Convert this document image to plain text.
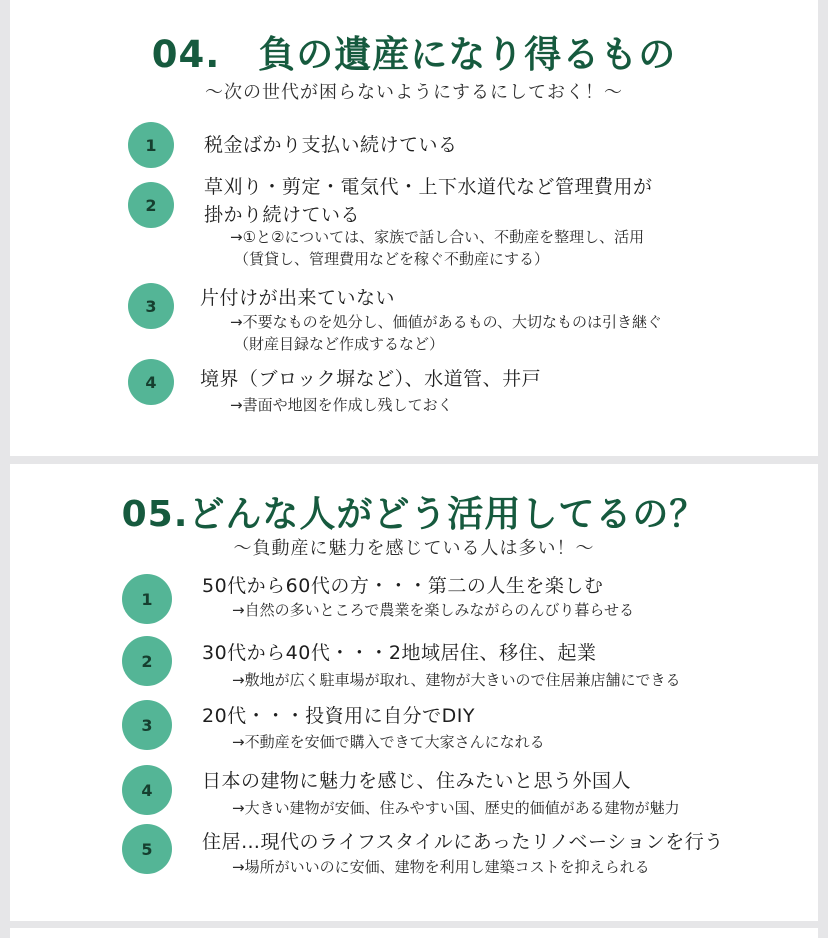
04.　負の遺産になり得るもの
～次の世代が困らないようにするにしておく！～
1	税金ばかり支払い続けている
2
草刈り・剪定・電気代・上下水道代など管理費用が
掛かり続けている
→①と②については、家族で話し合い、不動産を整理し、活用
（賃貸し、管理費用などを稼ぐ不動産にする）
3	片付けが出来ていない
→不要なものを処分し、価値があるもの、大切なものは引き継ぐ
（財産目録など作成するなど）
4	境界（ブロック塀など）、水道管、井戸
→書面や地図を作成し残しておく
05.どんな人がどう活用してるの？
～負動産に魅力を感じている人は多い！～
1
50代から60代の方・・・第二の人生を楽しむ
→自然の多いところで農業を楽しみながらのんびり暮らせる
2	30代から40代・・・2地域居住、移住、起業
→敷地が広く駐車場が取れ、建物が大きいので住居兼店舗にできる
3	20代・・・投資用に自分でDIY
→不動産を安価で購入できて大家さんになれる
4	日本の建物に魅力を感じ、住みたいと思う外国人
→大きい建物が安価、住みやすい国、歴史的価値がある建物が魅力
5	住居…現代のライフスタイルにあったリノベーションを行う
→場所がいいのに安価、建物を利用し建築コストを抑えられる
